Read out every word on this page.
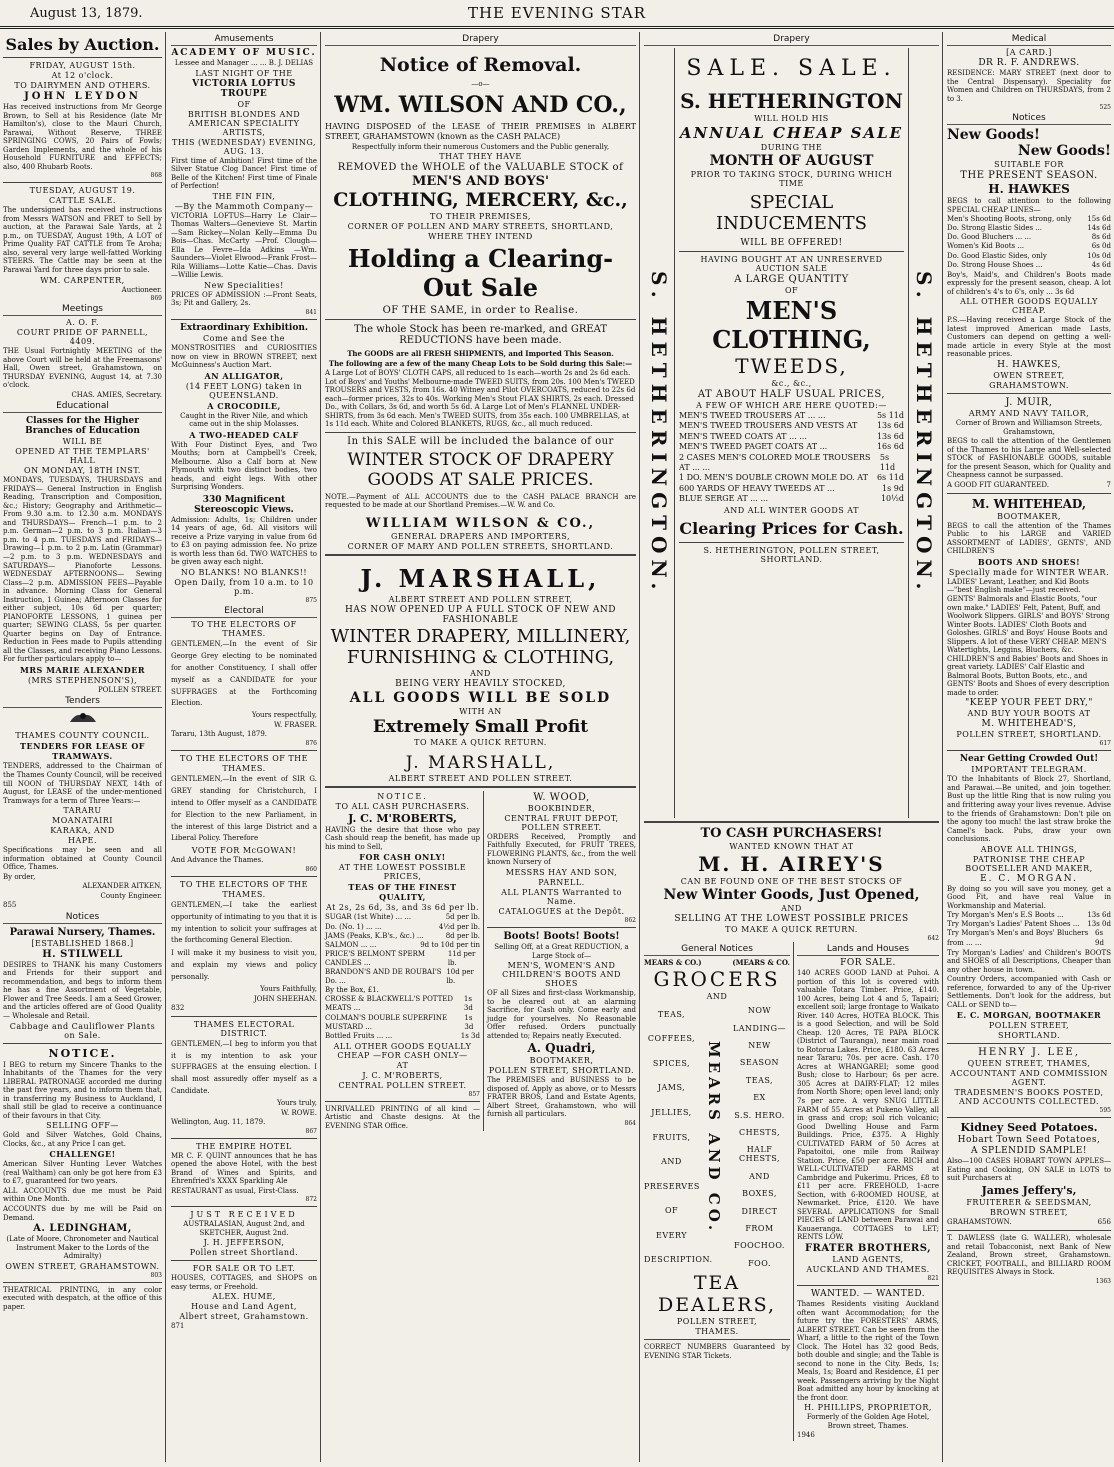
August 13, 1879.	THE EVENING STAR
Sales by Auction.
FRIDAY, AUGUST 15th.
At 12 o'clock.
TO DAIRYMEN AND OTHERS.
JOHN LEYDON

Has received instructions from Mr George Brown, to Sell at his Residence (late Mr Hamilton's), close to the Mauri Church, Parawai, Without Reserve, THREE SPRINGING COWS, 20 Pairs of Fowls; Garden Implements, and the whole of his Household FURNITURE and EFFECTS; also, 400 Rhubarb Roots.

868
TUESDAY, AUGUST 19.
CATTLE SALE.

The undersigned has received instructions from Messrs WATSON and FRET to Sell by auction, at the Parawai Sale Yards, at 2 p.m., on TUESDAY, August 19th, A LOT of Prime Quality FAT CATTLE from Te Aroha; also, several very large well-fatted Working STEERS. The Cattle may be seen at the Parawai Yard for three days prior to sale.

WM. CARPENTER,
Auctioneer.
869
Meetings
A. O. F.
COURT PRIDE OF PARNELL, 4409.

THE Usual Fortnightly MEETING of the above Court will be held at the Freemasons' Hall, Owen street, Grahamstown, on THURSDAY EVENING, August 14, at 7.30 o'clock.

CHAS. AMIES, Secretary.
Educational
Classes for the Higher Branches of Education
WILL BE
OPENED AT THE TEMPLARS' HALL
ON MONDAY, 18TH INST.

MONDAYS, TUESDAYS, THURSDAYS and FRIDAYS— General Instruction in English Reading, Transcription and Composition, &c.; History; Geography and Arithmetic— From 9.30 a.m. to 12.30 a.m. MONDAYS and THURSDAYS— French—1 p.m. to 2 p.m. German—2 p.m. to 3 p.m. Italian—3 p.m. to 4 p.m. TUESDAYS and FRIDAYS— Drawing—1 p.m. to 2 p.m. Latin (Grammar)—2 p.m. to 3 p.m. WEDNESDAYS and SATURDAYS— Pianoforte Lessons. WEDNESDAY AFTERNOONS— Sewing Class—2 p.m. ADMISSION FEES—Payable in advance. Morning Class for General Instruction, 1 Guinea; Afternoon Classes for either subject, 10s 6d per quarter; PIANOFORTE LESSONS, 1 guinea per quarter; SEWING CLASS, 5s per quarter. Quarter begins on Day of Entrance. Reduction in Fees made to Pupils attending all the Classes, and receiving Piano Lessons. For further particulars apply to—

MRS MARIE ALEXANDER
(MRS STEPHENSON'S),
POLLEN STREET.
Tenders
THAMES COUNTY COUNCIL.
TENDERS FOR LEASE OF TRAMWAYS.

TENDERS, addressed to the Chairman of the Thames County Council, will be received till NOON of THURSDAY NEXT, 14th of August, for LEASE of the under-mentioned Tramways for a term of Three Years:—

TARARU
MOANATAIRI
KARAKA, AND
HAPE.

Specifications may be seen and all information obtained at County Council Office, Thames.

By order,
ALEXANDER AITKEN,
County Engineer.
855
Notices
Parawai Nursery, Thames.
[ESTABLISHED 1868.]
H. STILWELL

DESIRES to THANK his many Customers and Friends for their support and recommendation, and begs to inform them he has a fine Assortment of Vegetable, Flower and Tree Seeds. I am a Seed Grower, and the articles offered are of Good Quality— Wholesale and Retail.

Cabbage and Cauliflower Plants on Sale.
NOTICE.

I BEG to return my Sincere Thanks to the Inhabitants of the Thames for the very LIBERAL PATRONAGE accorded me during the past five years, and to inform them that, in transferring my Business to Auckland, I shall still be glad to receive a continuance of their favours in that City.

SELLING OFF—

Gold and Silver Watches, Gold Chains, Clocks, &c., at any Price I can get.

CHALLENGE!

American Silver Hunting Lever Watches (real Waltham) can only be got here from £3 to £7, guaranteed for two years.

ALL ACCOUNTS due me must be Paid within One Month.

ACCOUNTS due by me will be Paid on Demand.

A. LEDINGHAM,

(Late of Moore, Chronometer and Nautical Instrument Maker to the Lords of the Admiralty)

OWEN STREET, GRAHAMSTOWN.
803

THEATRICAL PRINTING, in any color executed with despatch, at the office of this paper.

Amusements
ACADEMY OF MUSIC.
Lessee and Manager ... ... B. J. DELIAS
LAST NIGHT OF THE
VICTORIA LOFTUS TROUPE
OF
BRITISH BLONDES AND AMERICAN SPECIALITY ARTISTS,
THIS (WEDNESDAY) EVENING, AUG. 13.

First time of Ambition! First time of the Silver Statue Clog Dance! First time of Belle of the Kitchen! First time of Finale of Perfection!

THE FIN FIN,
—By the Mammoth Company—

VICTORIA LOFTUS—Harry Le Clair—Thomas Walters—Genevieve St. Martin—Sam Rickey—Nolan Kelly—Emma Du Bois—Chas. McCarty —Prof. Clough—Ella Le Fevre—Ida Adkins —Wm. Saunders—Violet Elwood—Frank Frost—Rila Williams—Lotte Katie—Chas. Davis—Willie Lewis.

New Specialities!

PRICES OF ADMISSION :—Front Seats, 3s; Pit and Gallery, 2s.

841
Extraordinary Exhibition.
Come and See the

MONSTROSITIES and CURIOSITIES now on view in BROWN STREET, next McGuinness's Auction Mart.

AN ALLIGATOR,
(14 FEET LONG) taken in QUEENSLAND.
A CROCODILE,

Caught in the River Nile, and which came out in the ship Molasses.

A TWO-HEADED CALF

With Four Distinct Eyes, and Two Mouths; born at Campbell's Creek, Melbourne. Also a Calf born at New Plymouth with two distinct bodies, two heads, and eight legs. With other Surprising Wonders.

330 Magnificent Stereoscopic Views.

Admission: Adults, 1s; Children under 14 years of age, 6d. All visitors will receive a Prize varying in value from 6d to £3 on paying admission fee. No prize is worth less than 6d. TWO WATCHES to be given away each night.

NO BLANKS! NO BLANKS!!
Open Daily, from 10 a.m. to 10 p.m.
875
Electoral
TO THE ELECTORS OF THAMES.

GENTLEMEN,—In the event of Sir George Grey electing to be nominated for another Constituency, I shall offer myself as a CANDIDATE for your SUFFRAGES at the Forthcoming Election.

Yours respectfully,
W. FRASER.
Tararu, 13th August, 1879.
876
TO THE ELECTORS OF THE
THAMES.

GENTLEMEN,—In the event of SIR G. GREY standing for Christchurch, I intend to Offer myself as a CANDIDATE for Election to the new Parliament, in the interest of this large District and a Liberal Policy. Therefore

VOTE FOR McGOWAN!
And Advance the Thames.
860
TO THE ELECTORS OF THE
THAMES.

GENTLEMEN,—I take the earliest opportunity of intimating to you that it is my intention to solicit your suffrages at the forthcoming General Election.

I will make it my business to visit you, and explain my views and policy personally.

Yours Faithfully,
JOHN SHEEHAN.
832
THAMES ELECTORAL DISTRICT.

GENTLEMEN,—I beg to inform you that it is my intention to ask your SUFFRAGES at the ensuing election. I shall most assuredly offer myself as a Candidate.

Yours truly,
W. ROWE.
Wellington, Aug. 11, 1879.
867
THE EMPIRE HOTEL

MR C. F. QUINT announces that he has opened the above Hotel, with the best Brand of Wines and Spirits, and Ehrenfried's XXXX Sparkling Ale

RESTAURANT as usual, First-Class.
872
JUST RECEIVED

AUSTRALASIAN, August 2nd, and SKETCHER, August 2nd.

J. H. JEFFERSON,
Pollen street Shortland.
FOR SALE OR TO LET.

HOUSES, COTTAGES, and SHOPS on easy terms, or Freehold.

ALEX. HUME,
House and Land Agent,
Albert street, Grahamstown.
871
Drapery
Notice of Removal.
—o—
WM. WILSON AND CO.,

HAVING DISPOSED of the LEASE of THEIR PREMISES in ALBERT STREET, GRAHAMSTOWN (known as the CASH PALACE)

Respectfully inform their numerous Customers and the Public generally,
THAT THEY HAVE
REMOVED the WHOLE of the VALUABLE STOCK of
MEN'S AND BOYS'
CLOTHING, MERCERY, &c.,
TO THEIR PREMISES,
CORNER OF POLLEN AND MARY STREETS, SHORTLAND,
WHERE THEY INTEND
Holding a Clearing-Out Sale
OF THE SAME, in order to Realise.
The whole Stock has been re-marked, and GREAT REDUCTIONS have been made.
The GOODS are all FRESH SHIPMENTS, and Imported This Season.
The following are a few of the many Cheap Lots to be Sold during this Sale:—

A Large Lot of BOYS' CLOTH CAPS, all reduced to 1s each—worth 2s and 2s 6d each. Lot of Boys' and Youths' Melbourne-made TWEED SUITS, from 20s. 100 Men's TWEED TROUSERS and VESTS, from 16s. 40 Witney and Pilot OVERCOATS, reduced to 22s 6d each—former prices, 32s to 40s. Working Men's Stout FLAX SHIRTS, 2s each. Dressed Do., with Collars, 3s 6d, and worth 5s 6d. A Large Lot of Men's FLANNEL UNDER-SHIRTS, from 3s 6d each. Men's TWEED SUITS, from 35s each. 100 UMBRELLAS, at 1s 11d each. White and Colored BLANKETS, RUGS, &c., all much reduced.

In this SALE will be included the balance of our
WINTER STOCK OF DRAPERY GOODS AT SALE PRICES.

NOTE.—Payment of ALL ACCOUNTS due to the CASH PALACE BRANCH are requested to be made at our Shortland Premises.—W. W. and Co.

WILLIAM WILSON & CO.,
GENERAL DRAPERS AND IMPORTERS,
CORNER OF MARY AND POLLEN STREETS, SHORTLAND.
J. MARSHALL,
ALBERT STREET AND POLLEN STREET,
HAS NOW OPENED UP A FULL STOCK OF NEW AND FASHIONABLE
WINTER DRAPERY, MILLINERY,
FURNISHING & CLOTHING,
AND
BEING VERY HEAVILY STOCKED,
ALL GOODS WILL BE SOLD
WITH AN
Extremely Small Profit
TO MAKE A QUICK RETURN.
J. MARSHALL,
ALBERT STREET AND POLLEN STREET.
NOTICE.
TO ALL CASH PURCHASERS.
J. C. M'ROBERTS,

HAVING the desire that those who pay Cash should reap the benefit, has made up his mind to Sell,

FOR CASH ONLY!
AT THE LOWEST POSSIBLE PRICES,
TEAS OF THE FINEST QUALITY,
At 2s, 2s 6d, 3s, and 3s 6d per lb.
SUGAR (1st White) ... ...	5d per lb.
Do. (No. 1) ... ...	4½d per lb.
JAMS (Peaks, K.B's., &c.) ...	8d per lb.
SALMON ... ...	9d to 10d per tin
PRICE'S BELMONT SPERM CANDLES ...
11d per lb.
BRANDON'S AND DE ROUBAI'S Do. ...
10d per lb.
By the Box, £1.
CROSSE & BLACKWELL'S POTTED MEATS ...
1s 3d
COLMAN'S DOUBLE SUPERFINE MUSTARD ...
1s 3d
Bottled Fruits ... ...	1s 3d
ALL OTHER GOODS EQUALLY CHEAP —FOR CASH ONLY—
AT
J. C. M'ROBERTS,
CENTRAL POLLEN STREET.
857

UNRIVALLED PRINTING of all kind —Artistic and Chaste designs. At the EVENING STAR Office.

W. WOOD,
BOOKBINDER,
CENTRAL FRUIT DEPOT, POLLEN STREET.

ORDERS Received, Promptly and Faithfully Executed, for FRUIT TREES, FLOWERING PLANTS, &c., from the well known Nursery of

MESSRS HAY AND SON,
PARNELL.
ALL PLANTS Warranted to Name.
CATALOGUES at the Depôt.
862
Boots! Boots! Boots!

Selling Off, at a Great REDUCTION, a Large Stock of—

MEN'S, WOMEN'S AND CHILDREN'S BOOTS AND SHOES

OF all Sizes and first-class Workmanship, to be cleared out at an alarming Sacrifice, for Cash only. Come early and judge for yourselves. No Reasonable Offer refused. Orders punctually attended to; Repairs neatly Executed.

A. Quadri,
BOOTMAKER,
POLLEN STREET, SHORTLAND.

The PREMISES and BUSINESS to be disposed of. Apply as above, or to Messrs FRATER BROS, Land and Estate Agents, Albert Street, Grahamstown, who will furnish all particulars.

864
Drapery
S. HETHERINGTON.
SALE. SALE.
S. HETHERINGTON
WILL HOLD HIS
ANNUAL CHEAP SALE
DURING THE
MONTH OF AUGUST
PRIOR TO TAKING STOCK, DURING WHICH TIME
SPECIAL INDUCEMENTS
WILL BE OFFERED!
HAVING BOUGHT AT AN UNRESERVED AUCTION SALE
A LARGE QUANTITY
OF
MEN'S CLOTHING,
TWEEDS,
&c., &c.,
AT ABOUT HALF USUAL PRICES,
A FEW OF WHICH ARE HERE QUOTED:—
MEN'S TWEED TROUSERS AT ... ...	5s 11d
MEN'S TWEED TROUSERS AND VESTS AT 13s 6d
MEN'S TWEED COATS AT ... ...	13s 6d
MEN'S TWEED PAGET COATS AT ...	16s 6d
2 CASES MEN'S COLORED MOLE TROUSERS AT ... ...
5s 11d
1 DO. MEN'S DOUBLE CROWN MOLE DO. AT 6s 11d
600 YARDS OF HEAVY TWEEDS AT ...	1s 9d
BLUE SERGE AT ... ...	10½d
AND ALL WINTER GOODS AT
Clearing Prices for Cash.
S. HETHERINGTON, POLLEN STREET, SHORTLAND.	S. HETHERINGTON.
TO CASH PURCHASERS!
WANTED KNOWN THAT AT
M. H. AIREY'S
CAN BE FOUND ONE OF THE BEST STOCKS OF
New Winter Goods, Just Opened,
AND
SELLING AT THE LOWEST POSSIBLE PRICES
TO MAKE A QUICK RETURN.
642
General Notices
MEARS & CO.)	(MEARS & CO.
GROCERS
AND
TEAS,
COFFEES,
SPICES,
JAMS,
JELLIES,
FRUITS,
AND
PRESERVES
OF
EVERY
DESCRIPTION.
MEARS AND CO.
NOW
LANDING—
NEW
SEASON
TEAS,
EX
S.S. HERO.
CHESTS,
HALF CHESTS,
AND
BOXES,
DIRECT
FROM
FOOCHOO.
FOO.
TEA DEALERS,
POLLEN STREET,
THAMES.

CORRECT NUMBERS Guaranteed by EVENING STAR Tickets.

Lands and Houses
FOR SALE.

140 ACRES GOOD LAND at Puhoi. A portion of this lot is covered with valuable Totara Timber. Price, £140. 100 Acres, being Lot 4 and 5, Tapairi; excellent soil; large frontage to Waikato River. 140 Acres, HOTEA BLOCK. This is a good Selection, and will be Sold Cheap. 120 Acres, TE PAPA BLOCK (District of Tauranga), near main road to Rotorua Lakes. Price, £180. 63 Acres near Tararu; 70s. per acre. Cash. 170 Acres at WHANGAREI; some good Bush; close to Harbour; 6s per acre. 305 Acres at DAIRY-FLAT; 12 miles from North Shore; open level land; only 7s per acre. A very SNUG LITTLE FARM of 55 Acres at Pukeno Valley, all in grass and crop; soil rich volcanic; Good Dwelling House and Farm Buildings. Price, £375. A Highly CULTIVATED FARM of 50 Acres at Papatoitoi, one mile from Railway Station. Price, £50 per acre. RICH and WELL-CULTIVATED FARMS at Cambridge and Pukerimu. Prices, £8 to £11 per acre. FREEHOLD, 1-acre Section, with 6-ROOMED HOUSE, at Newmarket. Price, £120. We have SEVERAL APPLICATIONS for Small PIECES of LAND between Parawai and Kauaeranga. COTTAGES to LET; RENTS LOW.

FRATER BROTHERS,
LAND AGENTS,
AUCKLAND AND THAMES.
821
WANTED. — WANTED.

Thames Residents visiting Auckland often want Accommodation; for the future try the FORESTERS' ARMS, ALBERT STREET. Can be seen from the Wharf, a little to the right of the Town Clock. The Hotel has 32 good Beds, both double and single; and the Table is second to none in the City. Beds, 1s; Meals, 1s; Board and Residence, £1 per week. Passengers arriving by the Night Boat admitted any hour by knocking at the front door.

H. PHILLIPS, PROPRIETOR,
Formerly of the Golden Age Hotel, Brown street, Thames.
1946
Medical
[A CARD.]
DR R. F. ANDREWS.

RESIDENCE: MARY STREET (next door to the Central Dispensary). Speciality for Women and Children on THURSDAYS, from 2 to 3.

525
Notices
New Goods!
New Goods!
SUITABLE FOR
THE PRESENT SEASON.
H. HAWKES

BEGS to call attention to the following SPECIAL CHEAP LINES—

Men's Shooting Boots, strong, only 15s 6d
Do. Strong Elastic Sides ...	14s 6d
Do. Good Bluchers ... ...	8s 6d
Women's Kid Boots ...	6s 0d
Do. Good Elastic Sides, only	10s 0d
Do. Strong House Shoes ...	4s 6d

Boy's, Maid's, and Children's Boots made expressly for the present season, cheap. A lot of children's 4's to 6's, only ... 3s 6d

ALL OTHER GOODS EQUALLY CHEAP.

P.S.—Having received a Large Stock of the latest improved American made Lasts, Customers can depend on getting a well-made article in every Style at the most reasonable prices.

H. HAWKES,
OWEN STREET,
GRAHAMSTOWN.
J. MUIR,
ARMY AND NAVY TAILOR,
Corner of Brown and Williamson Streets, Grahamstown,

BEGS to call the attention of the Gentlemen of the Thames to his Large and Well-selected STOCK of FASHIONABLE GOODS, suitable for the present Season, which for Quality and Cheapness cannot be surpassed.

A GOOD FIT GUARANTEED.	7
M. WHITEHEAD,
BOOTMAKER,

BEGS to call the attention of the Thames Public to his LARGE and VARIED ASSORTMENT of LADIES', GENTS', AND CHILDREN'S

BOOTS AND SHOES!
Specially made for WINTER WEAR.

LADIES' Levant, Leather, and Kid Boots—"best English make"—just received. GENTS' Balmorals and Elastic Boots, "our own make." LADIES' Felt, Patent, Buff, and Woolwork Slippers. GIRLS' and BOYS' Strong Winter Boots. LADIES' Cloth Boots and Goloshes. GIRLS' and Boys' House Boots and Slippers. A lot of these VERY CHEAP. MEN'S Watertights, Leggins, Bluchers, &c. CHILDREN'S and Babies' Boots and Shoes in great variety. LADIES' Calf Elastic and Balmoral Boots, Button Boots, etc., and GENTS' Boots and Shoes of every description made to order.

"KEEP YOUR FEET DRY,"
AND BUY YOUR BOOTS AT
M. WHITEHEAD'S,
POLLEN STREET, SHORTLAND.
617
Near Getting Crowded Out!
IMPORTANT TELEGRAM.

TO the Inhabitants of Block 27, Shortland, and Parawai.—Be united, and join together. Bust up the little Ring that is now ruling you and frittering away your lives revenue. Advise to the friends of Grahamstown: Don't pile on the agony too much! the last straw broke the Camel's back. Pubs, draw your own conclusions.

ABOVE ALL THINGS,
PATRONISE THE CHEAP BOOTSELLER AND MAKER,
E. C. MORGAN.

By doing so you will save you money, get a Good Fit, and have real Value in Workmanship and Material.

Try Morgan's Men's E.S Boots ...	13s 6d
Try Morgan's Ladies' Patent Shoes ... 13s 0d
Try Morgan's Men's and Boys' Bluchers from ... ...
6s 9d

Try Morgan's Ladies' and Children's BOOTS and SHOES of all Descriptions, Cheaper than any other house in town.

Country Orders, accompanied with Cash or reference, forwarded to any of the Up-river Settlements. Don't look for the address, but CALL or SEND to—

E. C. MORGAN, BOOTMAKER
POLLEN STREET,
SHORTLAND.
HENRY J. LEE,
QUEEN STREET, THAMES,
ACCOUNTANT AND COMMISSION AGENT.
TRADESMEN'S BOOKS POSTED, AND ACCOUNTS COLLECTED.
595
Kidney Seed Potatoes.
Hobart Town Seed Potatoes,
A SPLENDID SAMPLE!

Also—100 CASES HOBART TOWN APPLES—Eating and Cooking, ON SALE in LOTS to suit Purchasers at

James Jeffery's,
FRUITERER & SEEDSMAN,
BROWN STREET,
GRAHAMSTOWN.	656

T. DAWLESS (late G. WALLER), wholesale and retail Tobacconist, next Bank of New Zealand, Brown street, Grahamstown. CRICKET, FOOTBALL, and BILLIARD ROOM REQUISITES Always in Stock.

1363
